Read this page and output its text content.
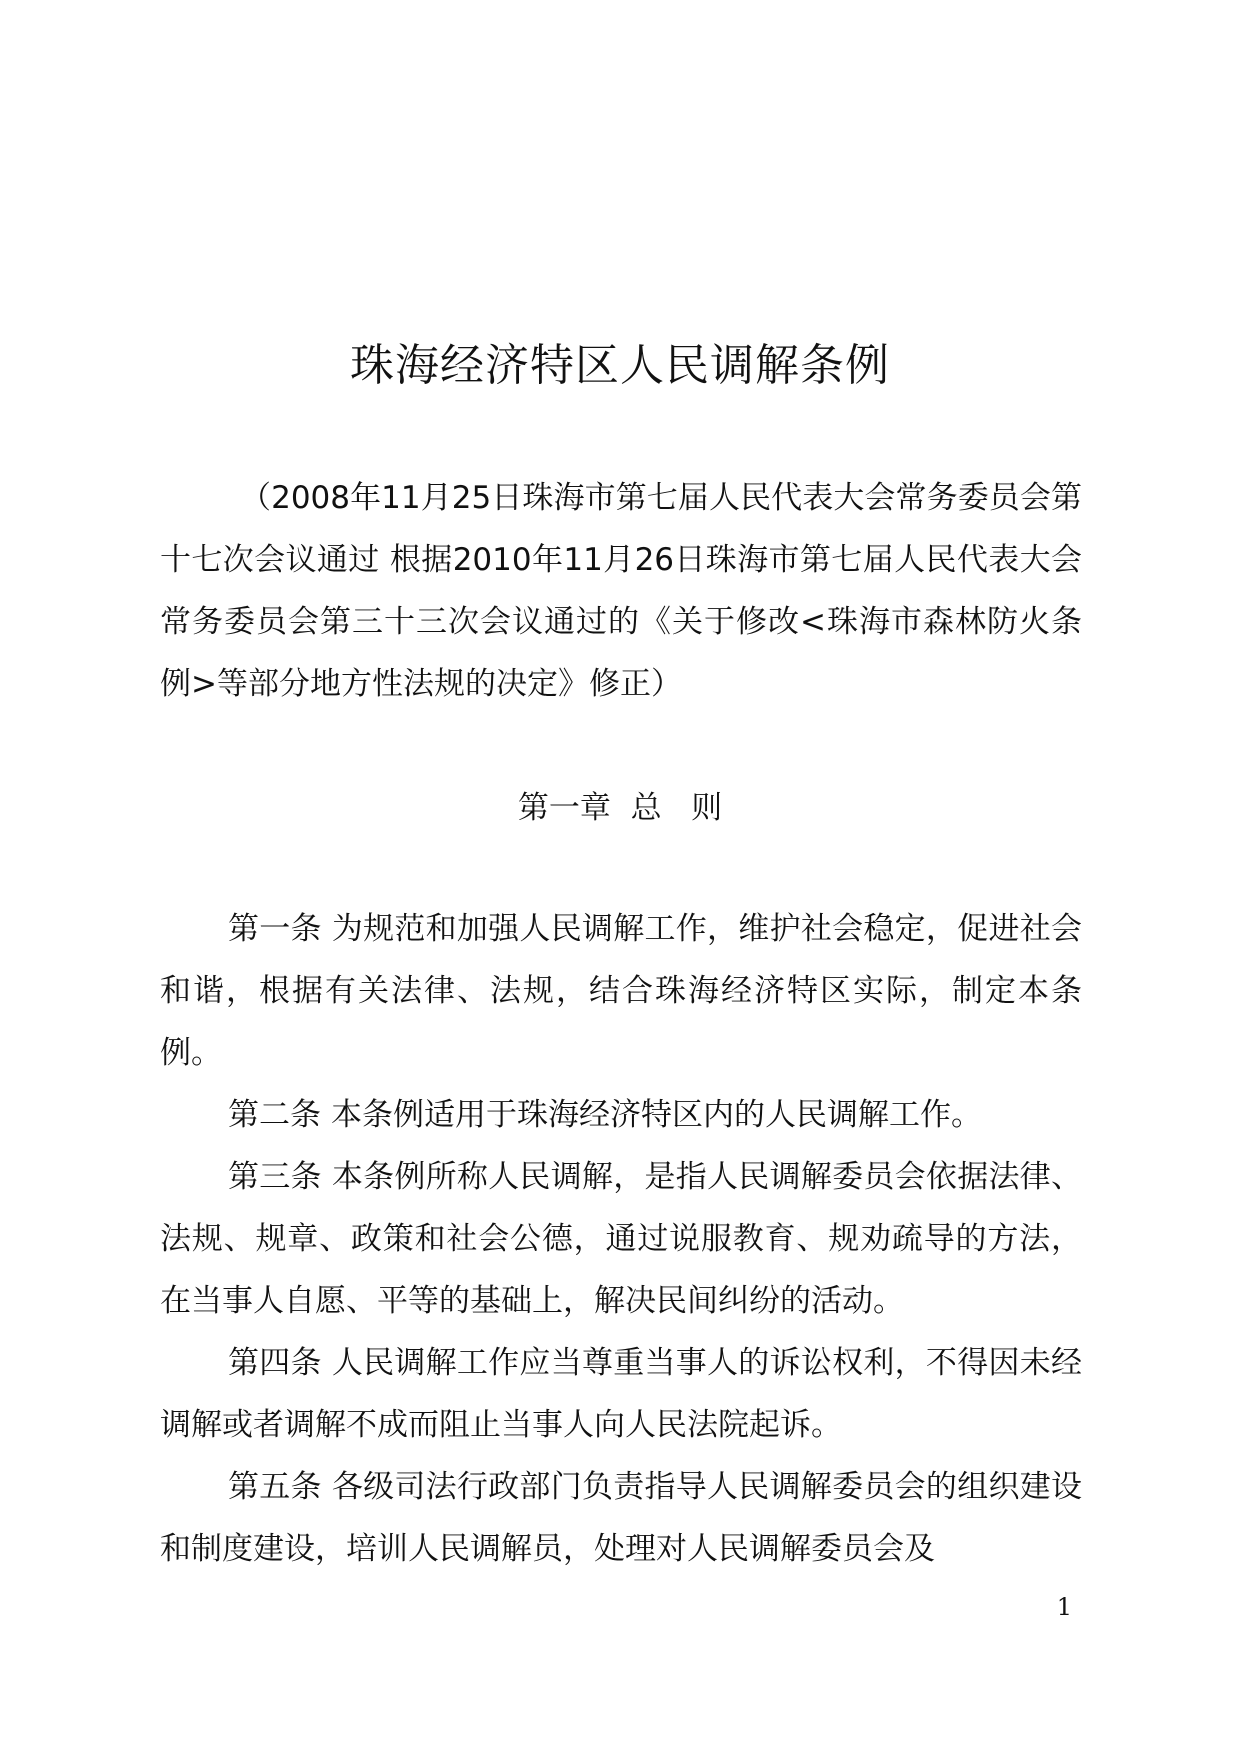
珠海经济特区人民调解条例

（2008年11月25日珠海市第七届人民代表大会常务委员会第十七次会议通过 根据2010年11月26日珠海市第七届人民代表大会常务委员会第三十三次会议通过的《关于修改<珠海市森林防火条例>等部分地方性法规的决定》修正）

第一章  总   则

第一条 为规范和加强人民调解工作，维护社会稳定，促进社会和谐，根据有关法律、法规，结合珠海经济特区实际，制定本条例。

第二条 本条例适用于珠海经济特区内的人民调解工作。

第三条 本条例所称人民调解，是指人民调解委员会依据法律、法规、规章、政策和社会公德，通过说服教育、规劝疏导的方法，在当事人自愿、平等的基础上，解决民间纠纷的活动。

第四条 人民调解工作应当尊重当事人的诉讼权利，不得因未经调解或者调解不成而阻止当事人向人民法院起诉。

第五条 各级司法行政部门负责指导人民调解委员会的组织建设和制度建设，培训人民调解员，处理对人民调解委员会及

1
